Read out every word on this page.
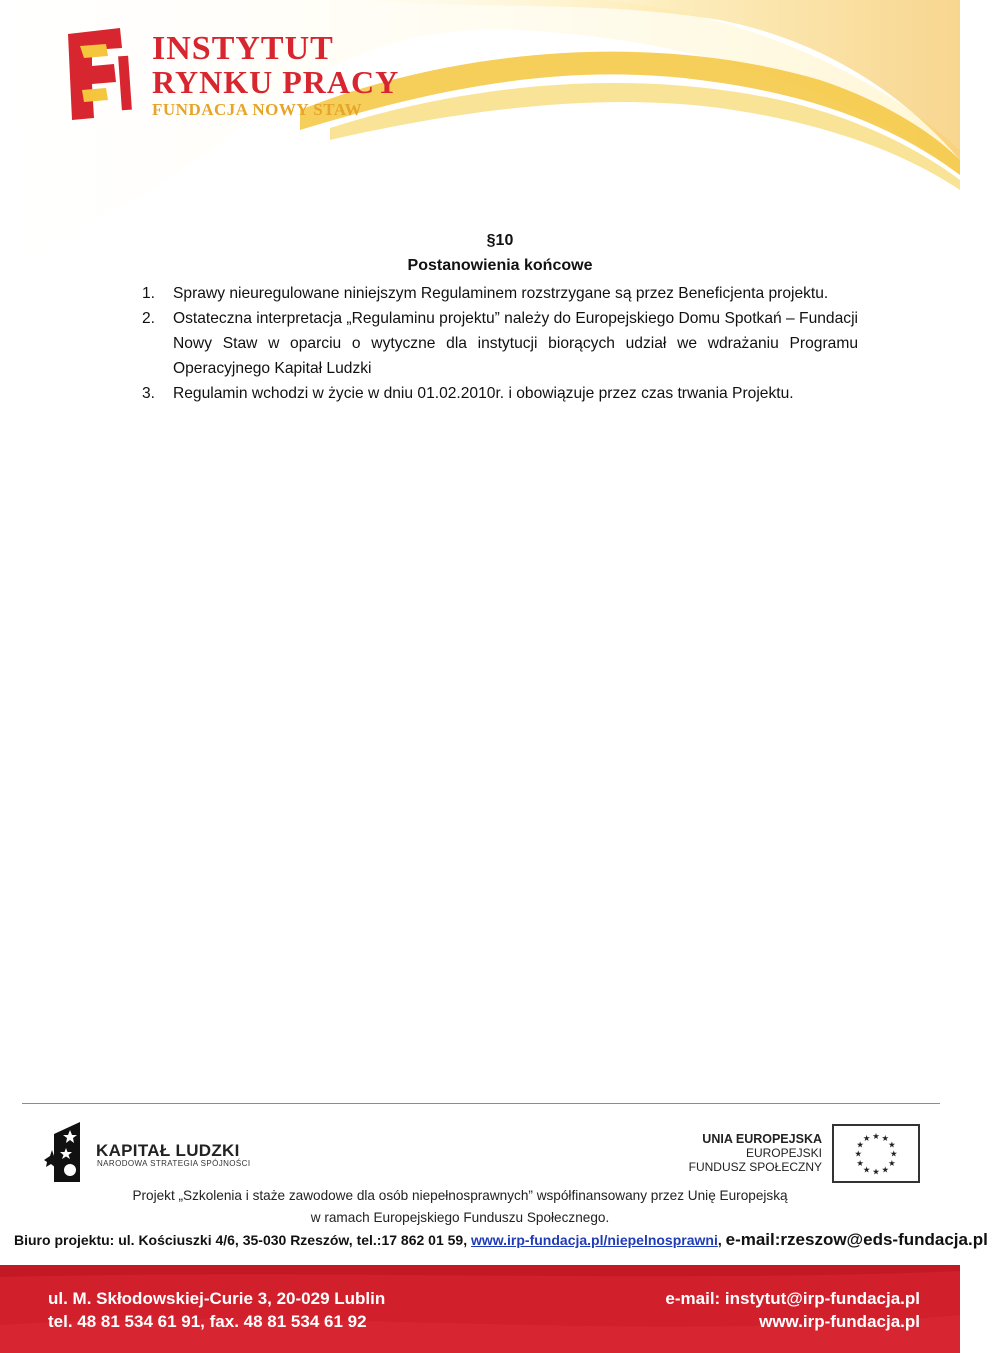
INSTYTUT
RYNKU PRACY
FUNDACJA NOWY STAW
§10
Postanowienia końcowe
1.	Sprawy nieuregulowane niniejszym Regulaminem rozstrzygane są przez Beneficjenta projektu.
2.	Ostateczna interpretacja „Regulaminu projektu” należy do Europejskiego Domu Spotkań – Fundacji Nowy Staw w oparciu o wytyczne dla instytucji biorących udział we wdrażaniu Programu Operacyjnego Kapitał Ludzki
3.	Regulamin wchodzi w życie w dniu 01.02.2010r. i obowiązuje przez czas trwania Projektu.
KAPITAŁ LUDZKI
NARODOWA STRATEGIA SPÓJNOŚCI
UNIA EUROPEJSKA
EUROPEJSKI
FUNDUSZ SPOŁECZNY
★ ★
★
★
★
★
★
★
★
★
★
★
Projekt „Szkolenia i staże zawodowe dla osób niepełnosprawnych” współfinansowany przez Unię Europejską
w ramach Europejskiego Funduszu Społecznego.
Biuro projektu: ul. Kościuszki 4/6, 35-030 Rzeszów, tel.:17 862 01 59, www.irp-fundacja.pl/niepelnosprawni, e-mail:rzeszow@eds-fundacja.pl
ul. M. Skłodowskiej-Curie 3, 20-029 Lublin
tel. 48 81 534 61 91, fax. 48 81 534 61 92
e-mail: instytut@irp-fundacja.pl
www.irp-fundacja.pl
